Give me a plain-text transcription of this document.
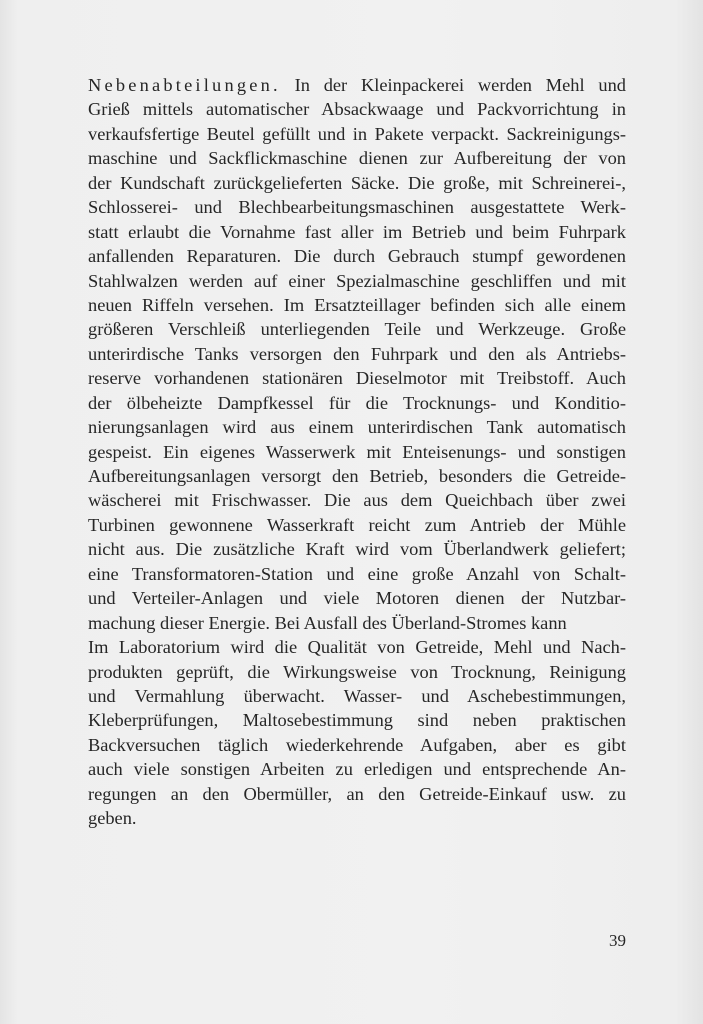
Nebenabteilungen. In der Kleinpackerei werden Mehl und
Grieß mittels automatischer Absackwaage und Packvorrichtung in
verkaufsfertige Beutel gefüllt und in Pakete verpackt. Sackreinigungs-
maschine und Sackflickmaschine dienen zur Aufbereitung der von
der Kundschaft zurückgelieferten Säcke. Die große, mit Schreinerei-,
Schlosserei- und Blechbearbeitungsmaschinen ausgestattete Werk-
statt erlaubt die Vornahme fast aller im Betrieb und beim Fuhrpark
anfallenden Reparaturen. Die durch Gebrauch stumpf gewordenen
Stahlwalzen werden auf einer Spezialmaschine geschliffen und mit
neuen Riffeln versehen. Im Ersatzteillager befinden sich alle einem
größeren Verschleiß unterliegenden Teile und Werkzeuge. Große
unterirdische Tanks versorgen den Fuhrpark und den als Antriebs-
reserve vorhandenen stationären Dieselmotor mit Treibstoff. Auch
der ölbeheizte Dampfkessel für die Trocknungs- und Konditio-
nierungsanlagen wird aus einem unterirdischen Tank automatisch
gespeist. Ein eigenes Wasserwerk mit Enteisenungs- und sonstigen
Aufbereitungsanlagen versorgt den Betrieb, besonders die Getreide-
wäscherei mit Frischwasser. Die aus dem Queichbach über zwei
Turbinen gewonnene Wasserkraft reicht zum Antrieb der Mühle
nicht aus. Die zusätzliche Kraft wird vom Überlandwerk geliefert;
eine Transformatoren-Station und eine große Anzahl von Schalt-
und Verteiler-Anlagen und viele Motoren dienen der Nutzbar-
machung dieser Energie. Bei Ausfall des Überland-Stromes kann
Im Laboratorium wird die Qualität von Getreide, Mehl und Nach-
produkten geprüft, die Wirkungsweise von Trocknung, Reinigung
und Vermahlung überwacht. Wasser- und Aschebestimmungen,
Kleberprüfungen, Maltosebestimmung sind neben praktischen
Backversuchen täglich wiederkehrende Aufgaben, aber es gibt
auch viele sonstigen Arbeiten zu erledigen und entsprechende An-
regungen an den Obermüller, an den Getreide-Einkauf usw. zu
geben.
39
